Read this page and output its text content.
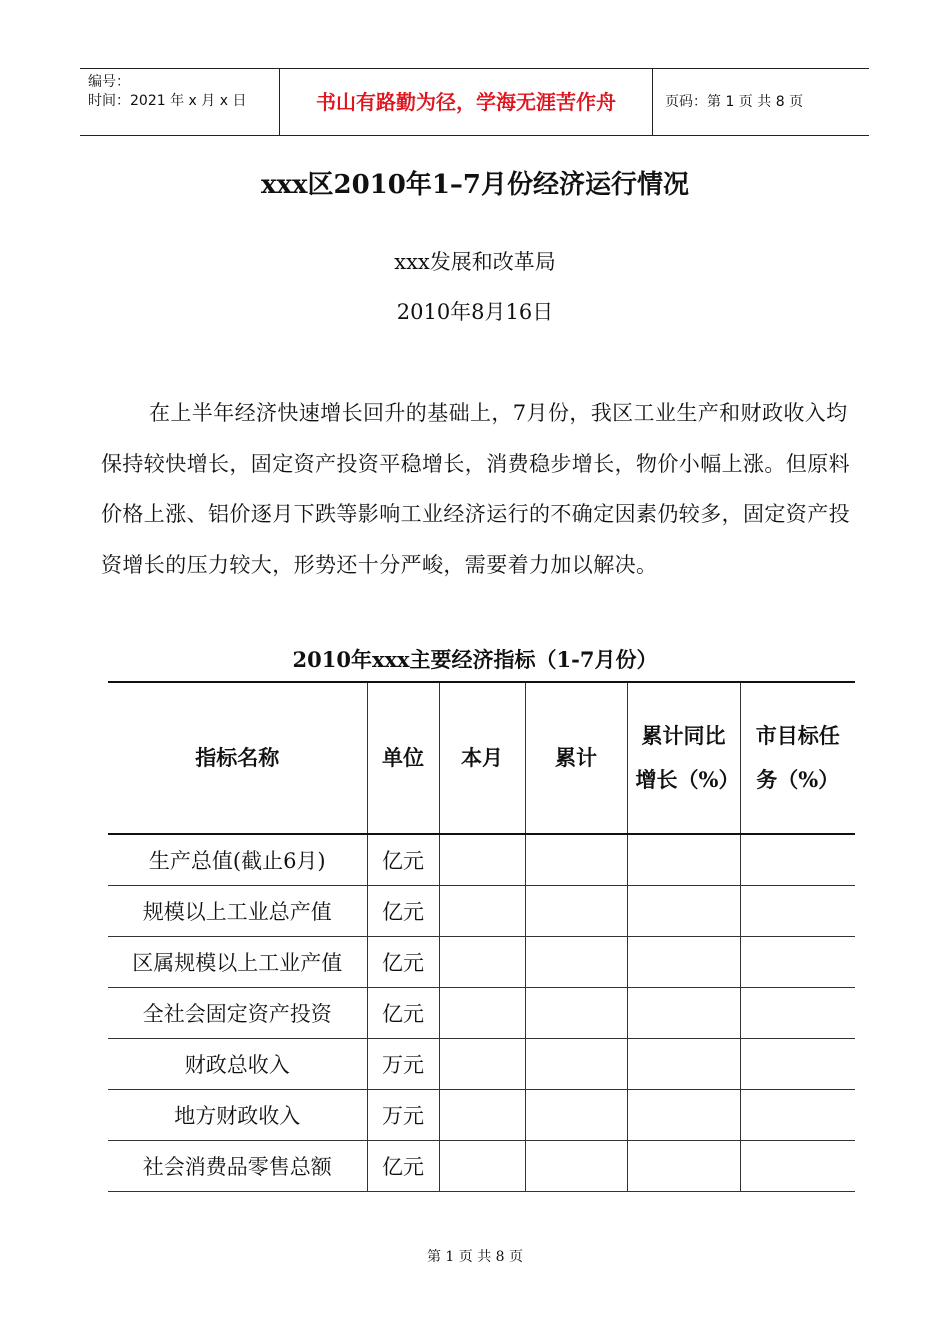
编号：
时间：2021 年 x 月 x 日	书山有路勤为径，学海无涯苦作舟	页码：第 1 页 共 8 页
xxx区2010年1–7月份经济运行情况
xxx发展和改革局
2010年8月16日
在上半年经济快速增长回升的基础上，7月份，我区工业生产和财政收入均保持较快增长，固定资产投资平稳增长，消费稳步增长，物价小幅上涨。但原料价格上涨、铝价逐月下跌等影响工业经济运行的不确定因素仍较多，固定资产投资增长的压力较大，形势还十分严峻，需要着力加以解决。
2010年xxx主要经济指标（1-7月份）
指标名称	单位	本月	累计	累计同比增长（%）	市目标任务（%）
生产总值(截止6月)	亿元				
规模以上工业总产值	亿元				
区属规模以上工业产值	亿元				
全社会固定资产投资	亿元				
财政总收入	万元				
地方财政收入	万元				
社会消费品零售总额	亿元				
第 1 页 共 8 页
